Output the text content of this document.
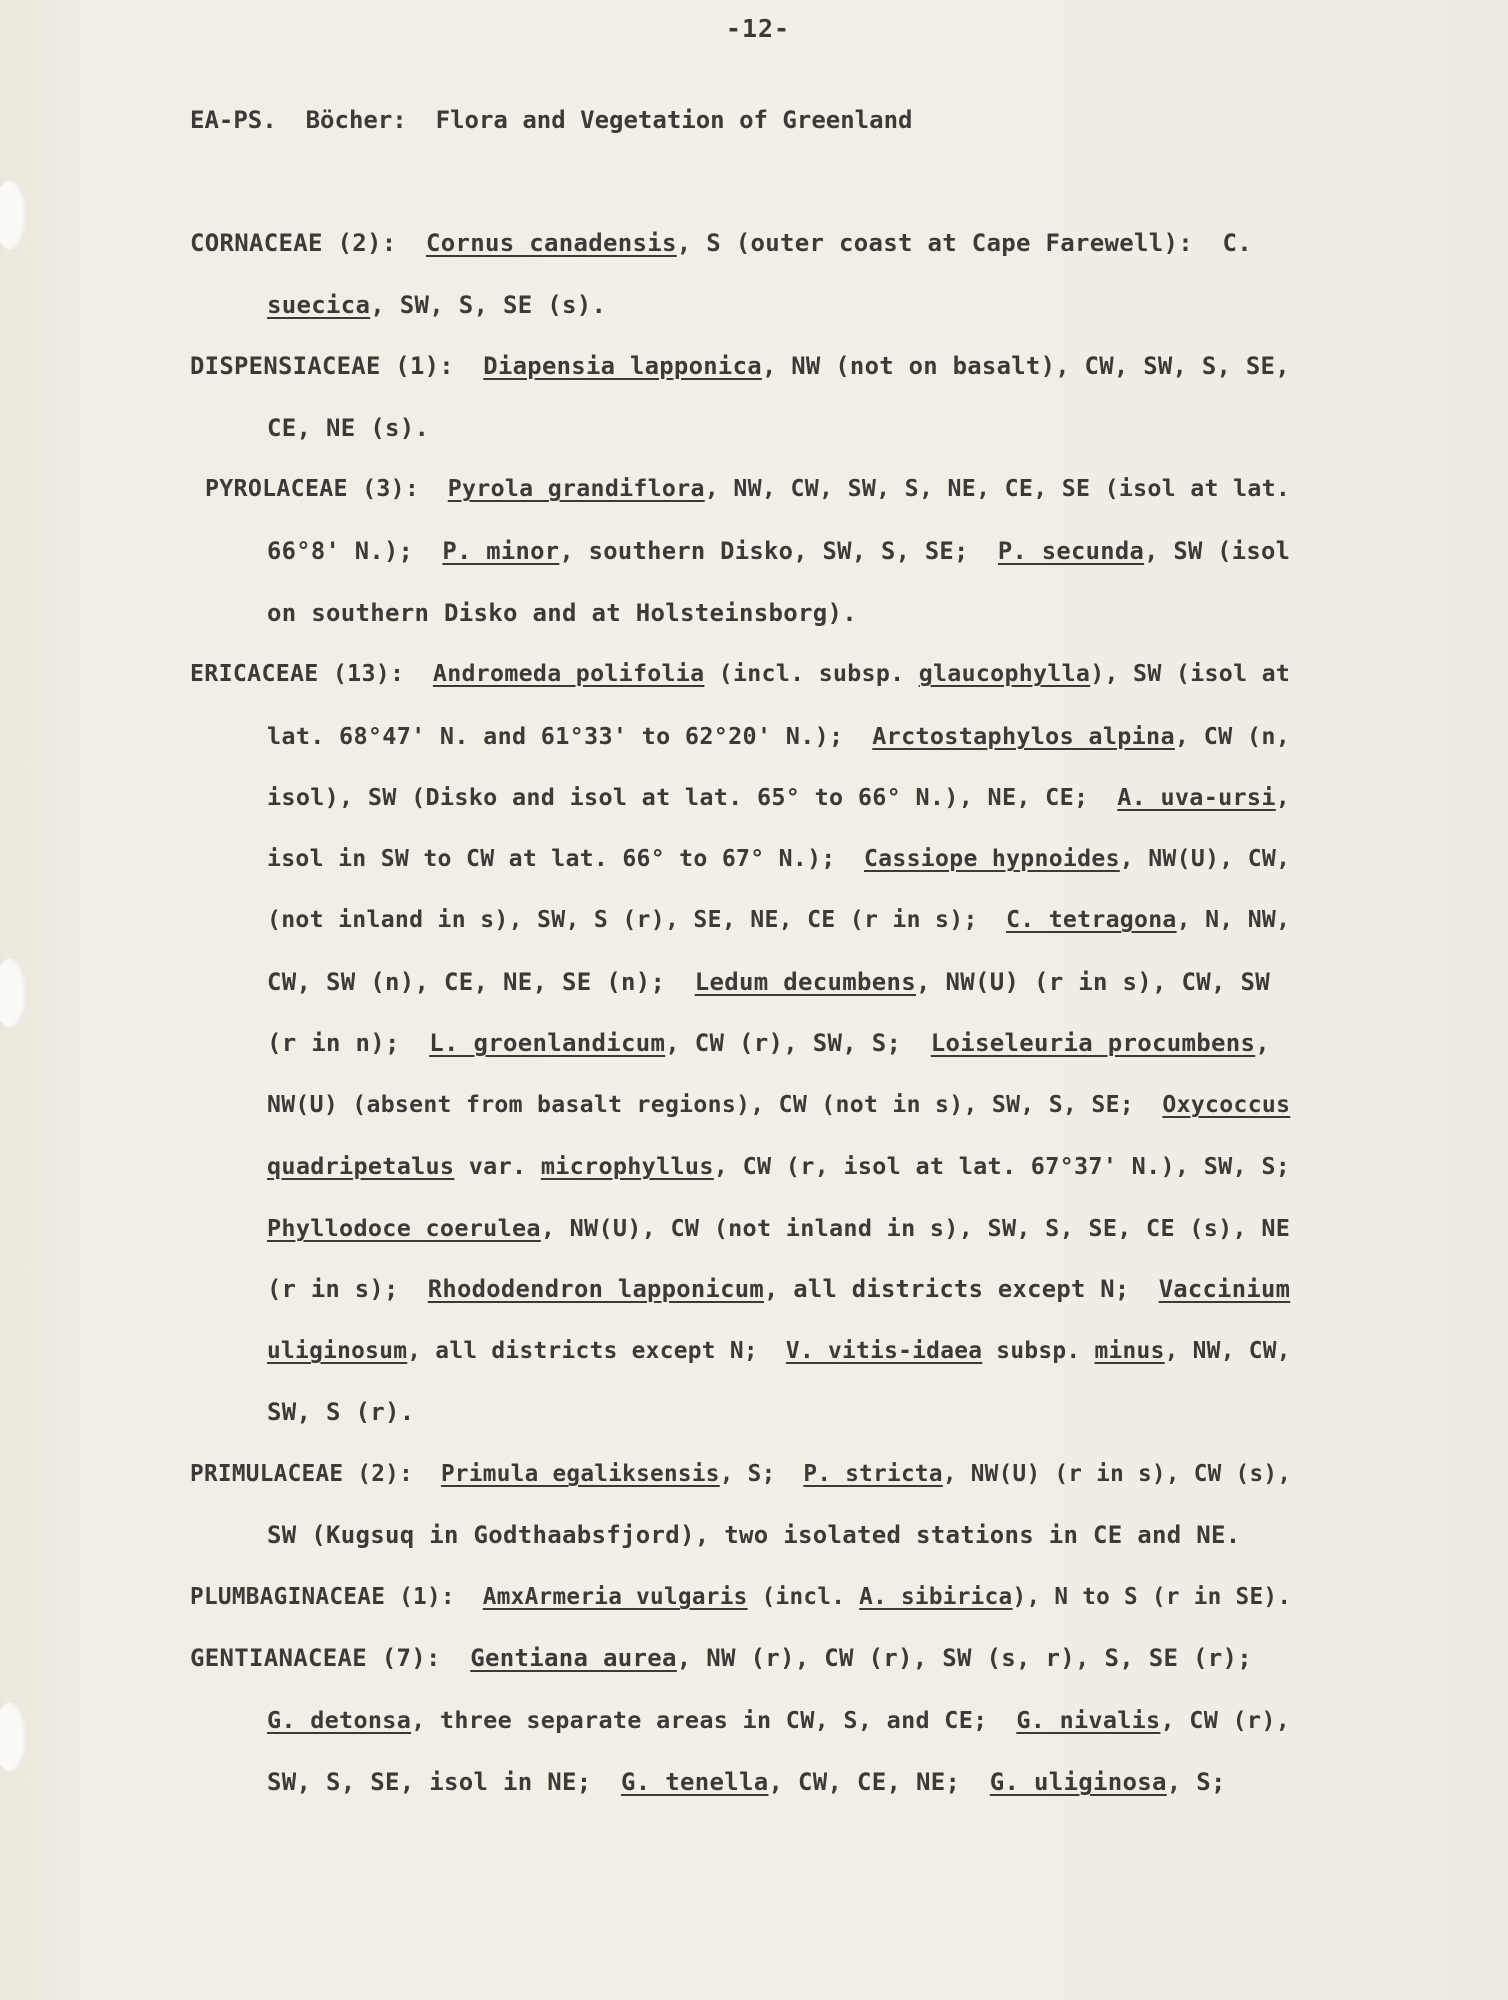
-12-
EA-PS.  Böcher:  Flora and Vegetation of Greenland
CORNACEAE (2):  Cornus canadensis, S (outer coast at Cape Farewell):  C.
suecica, SW, S, SE (s).
DISPENSIACEAE (1):  Diapensia lapponica, NW (not on basalt), CW, SW, S, SE,
CE, NE (s).
PYROLACEAE (3):  Pyrola grandiflora, NW, CW, SW, S, NE, CE, SE (isol at lat.
66°8' N.);  P. minor, southern Disko, SW, S, SE;  P. secunda, SW (isol
on southern Disko and at Holsteinsborg).
ERICACEAE (13):  Andromeda polifolia (incl. subsp. glaucophylla), SW (isol at
lat. 68°47' N. and 61°33' to 62°20' N.);  Arctostaphylos alpina, CW (n,
isol), SW (Disko and isol at lat. 65° to 66° N.), NE, CE;  A. uva-ursi,
isol in SW to CW at lat. 66° to 67° N.);  Cassiope hypnoides, NW(U), CW,
(not inland in s), SW, S (r), SE, NE, CE (r in s);  C. tetragona, N, NW,
CW, SW (n), CE, NE, SE (n);  Ledum decumbens, NW(U) (r in s), CW, SW
(r in n);  L. groenlandicum, CW (r), SW, S;  Loiseleuria procumbens,
NW(U) (absent from basalt regions), CW (not in s), SW, S, SE;  Oxycoccus
quadripetalus var. microphyllus, CW (r, isol at lat. 67°37' N.), SW, S;
Phyllodoce coerulea, NW(U), CW (not inland in s), SW, S, SE, CE (s), NE
(r in s);  Rhododendron lapponicum, all districts except N;  Vaccinium
uliginosum, all districts except N;  V. vitis-idaea subsp. minus, NW, CW,
SW, S (r).
PRIMULACEAE (2):  Primula egaliksensis, S;  P. stricta, NW(U) (r in s), CW (s),
SW (Kugsuq in Godthaabsfjord), two isolated stations in CE and NE.
PLUMBAGINACEAE (1):  AmxArmeria vulgaris (incl. A. sibirica), N to S (r in SE).
GENTIANACEAE (7):  Gentiana aurea, NW (r), CW (r), SW (s, r), S, SE (r);
G. detonsa, three separate areas in CW, S, and CE;  G. nivalis, CW (r),
SW, S, SE, isol in NE;  G. tenella, CW, CE, NE;  G. uliginosa, S;
